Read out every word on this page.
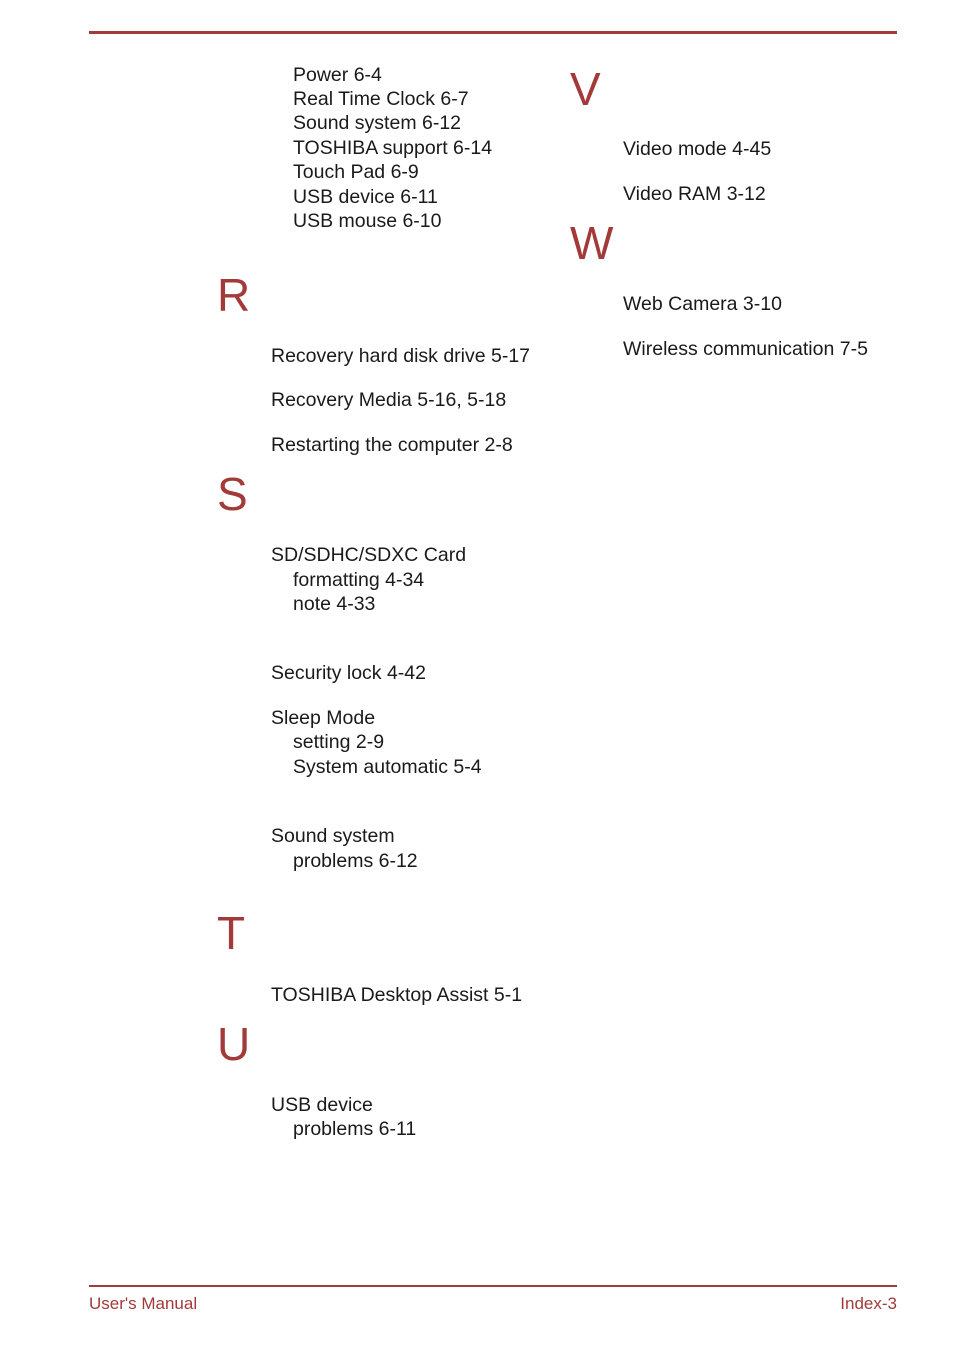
Power 6-4
Real Time Clock 6-7
Sound system 6-12
TOSHIBA support 6-14
Touch Pad 6-9
USB device 6-11
USB mouse 6-10
R
Recovery hard disk drive 5-17
Recovery Media 5-16, 5-18
Restarting the computer 2-8
S
SD/SDHC/SDXC Card
formatting 4-34
note 4-33
Security lock 4-42
Sleep Mode
setting 2-9
System automatic 5-4
Sound system
problems 6-12
T
TOSHIBA Desktop Assist 5-1
U
USB device
problems 6-11
V
Video mode 4-45
Video RAM 3-12
W
Web Camera 3-10
Wireless communication 7-5
User's Manual	Index-3
